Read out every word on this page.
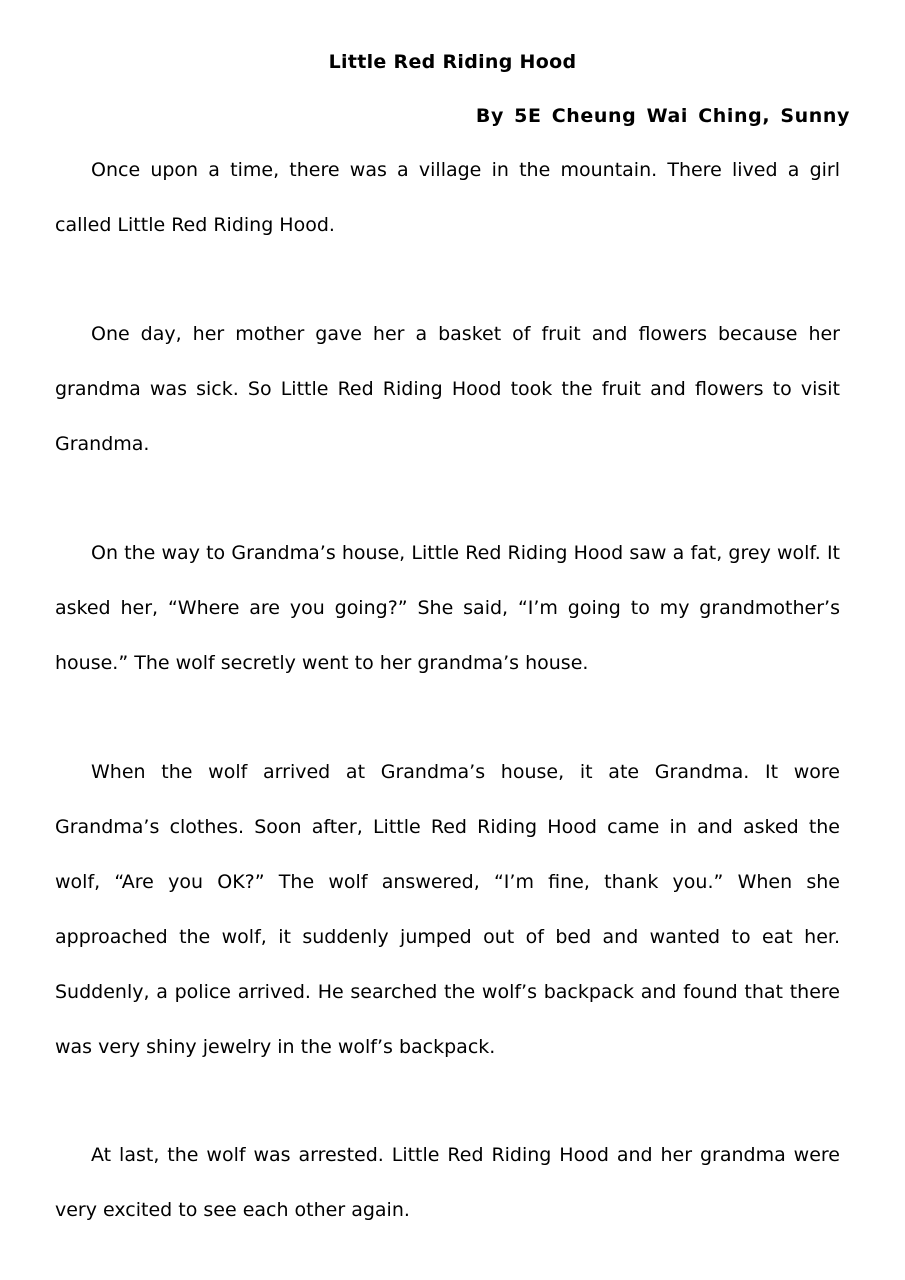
Little Red Riding Hood
By 5E Cheung Wai Ching, Sunny

Once upon a time, there was a village in the mountain. There lived a girl called Little Red Riding Hood.

One day, her mother gave her a basket of fruit and flowers because her grandma was sick. So Little Red Riding Hood took the fruit and flowers to visit Grandma.

On the way to Grandma’s house, Little Red Riding Hood saw a fat, grey wolf. It asked her, “Where are you going?” She said, “I’m going to my grandmother’s house.” The wolf secretly went to her grandma’s house.

When the wolf arrived at Grandma’s house, it ate Grandma. It wore Grandma’s clothes. Soon after, Little Red Riding Hood came in and asked the wolf, “Are you OK?” The wolf answered, “I’m fine, thank you.” When she approached the wolf, it suddenly jumped out of bed and wanted to eat her. Suddenly, a police arrived. He searched the wolf’s backpack and found that there was very shiny jewelry in the wolf’s backpack.

At last, the wolf was arrested. Little Red Riding Hood and her grandma were very excited to see each other again.
